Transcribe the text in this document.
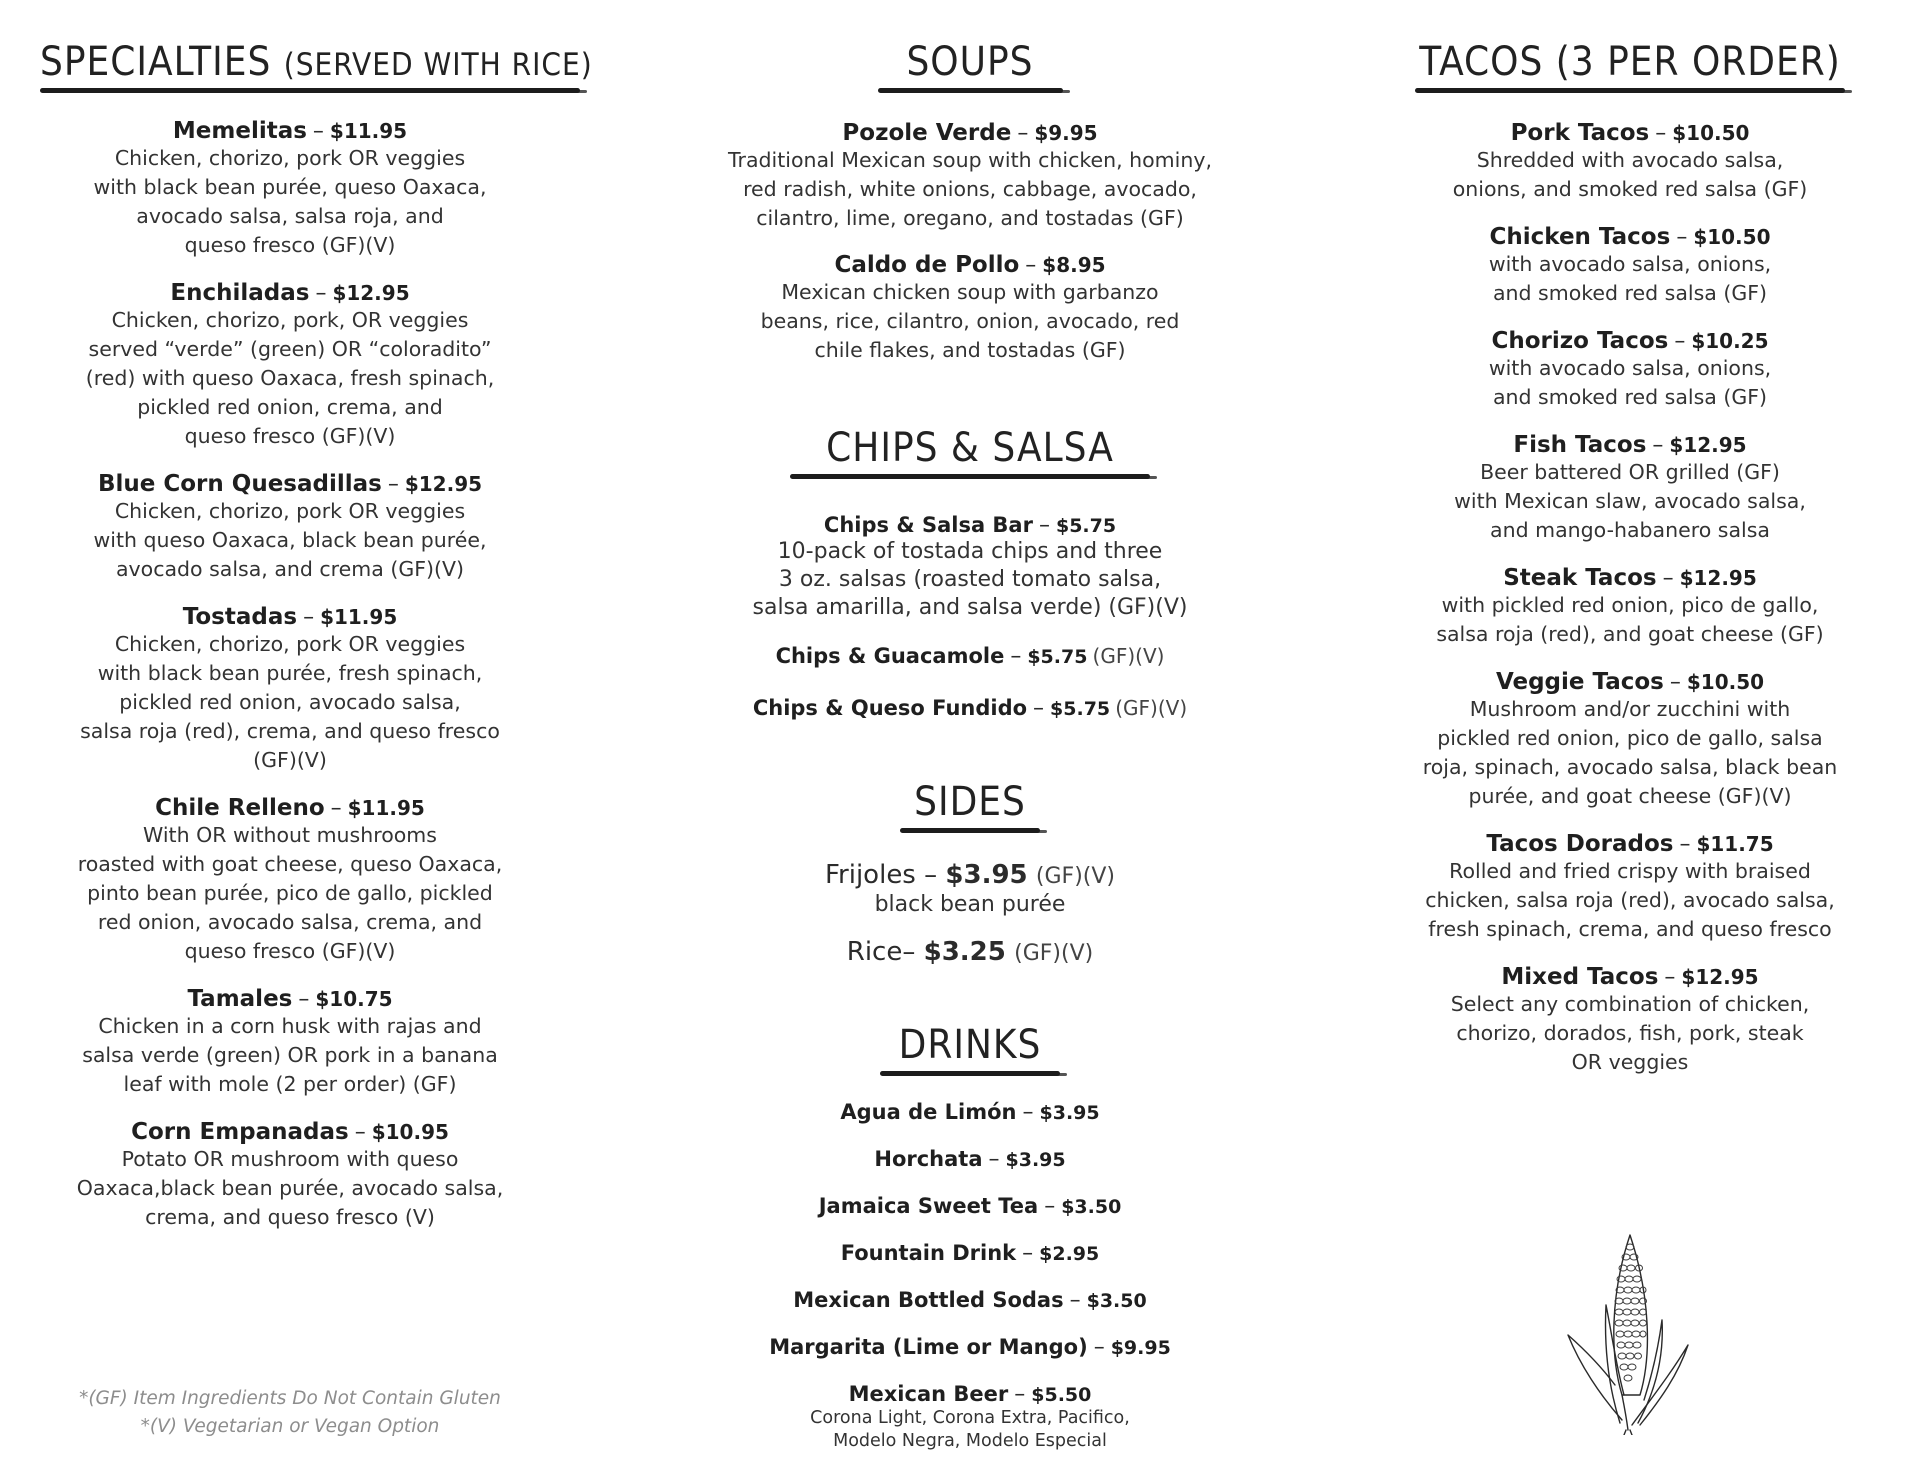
SPECIALTIES (SERVED WITH RICE)
Memelitas – $11.95
Chicken, chorizo, pork OR veggies
with black bean purée, queso Oaxaca,
avocado salsa, salsa roja, and
queso fresco (GF)(V)
Enchiladas – $12.95
Chicken, chorizo, pork, OR veggies
served “verde” (green) OR “coloradito”
(red) with queso Oaxaca, fresh spinach,
pickled red onion, crema, and
queso fresco (GF)(V)
Blue Corn Quesadillas – $12.95
Chicken, chorizo, pork OR veggies
with queso Oaxaca, black bean purée,
avocado salsa, and crema (GF)(V)
Tostadas – $11.95
Chicken, chorizo, pork OR veggies
with black bean purée, fresh spinach,
pickled red onion, avocado salsa,
salsa roja (red), crema, and queso fresco
(GF)(V)
Chile Relleno – $11.95
With OR without mushrooms
roasted with goat cheese, queso Oaxaca,
pinto bean purée, pico de gallo, pickled
red onion, avocado salsa, crema, and
queso fresco (GF)(V)
Tamales – $10.75
Chicken in a corn husk with rajas and
salsa verde (green) OR pork in a banana
leaf with mole (2 per order) (GF)
Corn Empanadas – $10.95
Potato OR mushroom with queso
Oaxaca,black bean purée, avocado salsa,
crema, and queso fresco (V)
*(GF) Item Ingredients Do Not Contain Gluten
*(V) Vegetarian or Vegan Option
SOUPS
Pozole Verde – $9.95
Traditional Mexican soup with chicken, hominy,
red radish, white onions, cabbage, avocado,
cilantro, lime, oregano, and tostadas (GF)
Caldo de Pollo – $8.95
Mexican chicken soup with garbanzo
beans, rice, cilantro, onion, avocado, red
chile flakes, and tostadas (GF)
CHIPS & SALSA
Chips & Salsa Bar – $5.75
10-pack of tostada chips and three
3 oz. salsas (roasted tomato salsa,
salsa amarilla, and salsa verde) (GF)(V)
Chips & Guacamole – $5.75 (GF)(V)
Chips & Queso Fundido – $5.75 (GF)(V)
SIDES
Frijoles – $3.95 (GF)(V)
black bean purée
Rice– $3.25 (GF)(V)
DRINKS
Agua de Limón – $3.95
Horchata – $3.95
Jamaica Sweet Tea – $3.50
Fountain Drink – $2.95
Mexican Bottled Sodas – $3.50
Margarita (Lime or Mango) – $9.95
Mexican Beer – $5.50
Corona Light, Corona Extra, Pacifico,
Modelo Negra, Modelo Especial
TACOS (3 PER ORDER)
Pork Tacos – $10.50
Shredded with avocado salsa,
onions, and smoked red salsa (GF)
Chicken Tacos – $10.50
with avocado salsa, onions,
and smoked red salsa (GF)
Chorizo Tacos – $10.25
with avocado salsa, onions,
and smoked red salsa (GF)
Fish Tacos – $12.95
Beer battered OR grilled (GF)
with Mexican slaw, avocado salsa,
and mango-habanero salsa
Steak Tacos – $12.95
with pickled red onion, pico de gallo,
salsa roja (red), and goat cheese (GF)
Veggie Tacos – $10.50
Mushroom and/or zucchini with
pickled red onion, pico de gallo, salsa
roja, spinach, avocado salsa, black bean
purée, and goat cheese (GF)(V)
Tacos Dorados – $11.75
Rolled and fried crispy with braised
chicken, salsa roja (red), avocado salsa,
fresh spinach, crema, and queso fresco
Mixed Tacos – $12.95
Select any combination of chicken,
chorizo, dorados, fish, pork, steak
OR veggies
